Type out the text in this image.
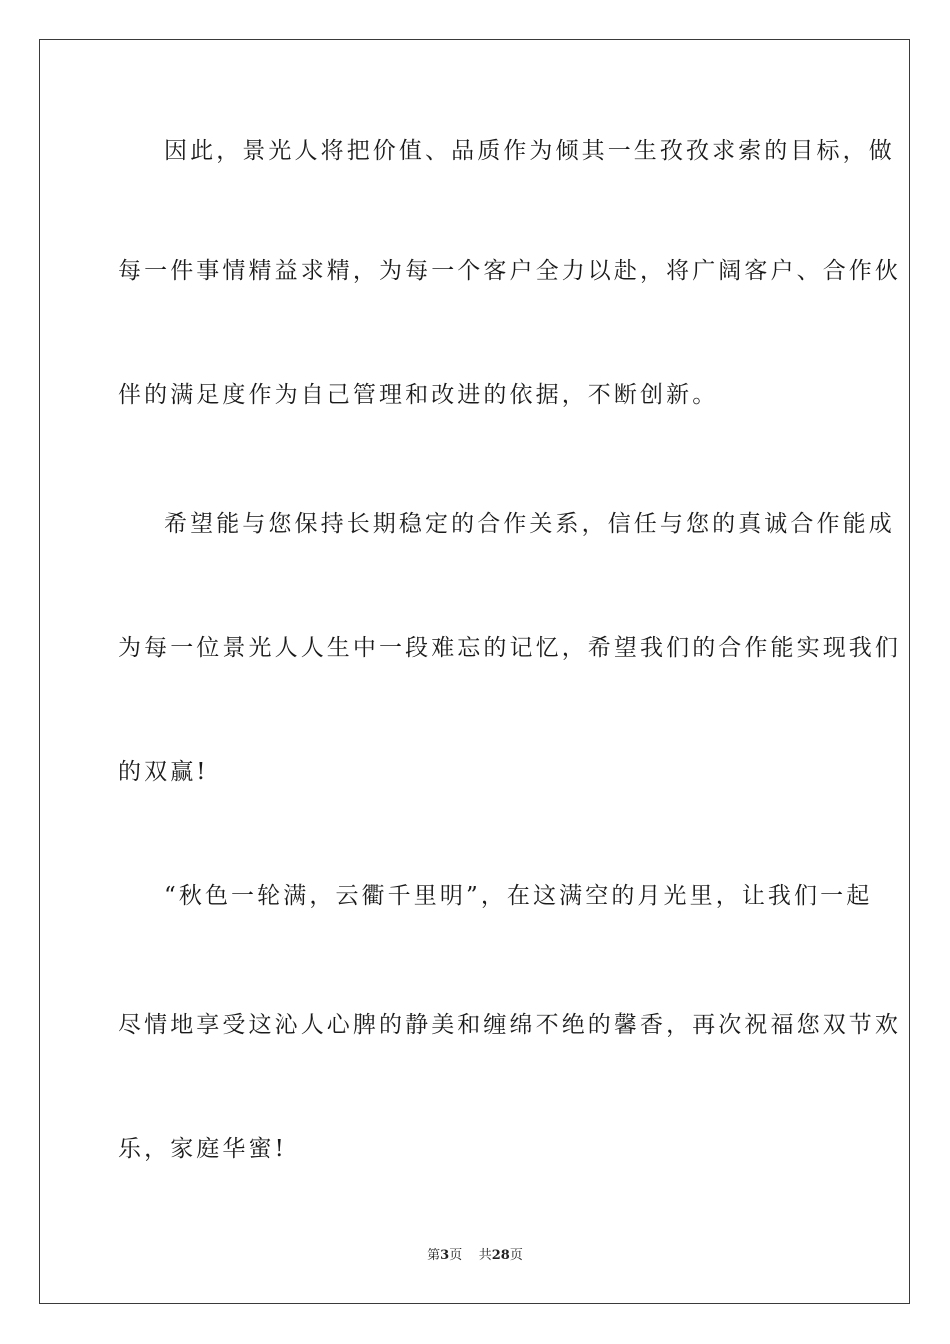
因此，景光人将把价值、品质作为倾其一生孜孜求索的目标，做
每一件事情精益求精，为每一个客户全力以赴，将广阔客户、合作伙
伴的满足度作为自己管理和改进的依据，不断创新。
希望能与您保持长期稳定的合作关系，信任与您的真诚合作能成
为每一位景光人人生中一段难忘的记忆，希望我们的合作能实现我们
的双赢!
“秋色一轮满，云衢千里明”，在这满空的月光里，让我们一起
尽情地享受这沁人心脾的静美和缠绵不绝的馨香，再次祝福您双节欢
乐，家庭华蜜!
第3页 共28页
